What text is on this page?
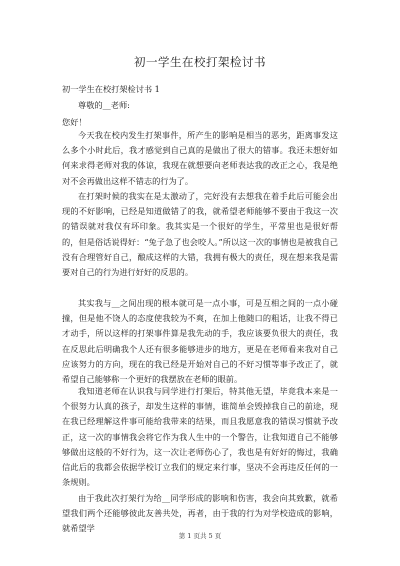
初一学生在校打架检讨书
初一学生在校打架检讨书 1
尊敬的__老师:
您好！
今天我在校内发生打架事件，所产生的影响是相当的恶劣，距离事发这么多个小时此后，我才感觉到自己真的是做出了很大的错事。我还未想好如何来求得老师对我的体谅，我现在就想要向老师表达我的改正之心，我是绝对不会再做出这样不错志的行为了。
在打架时候的我实在是太激动了，完好没有去想我在着手此后可能会出现的不好影响，已经是知道做错了的我，就希望老师能够不要由于我这一次的错误就对我仅有坏印象。我其实是一个很好的学生，平常里也是很好帮的，但是俗话说得好：“兔子急了也会咬人。”所以这一次的事情也是被我自己没有合理管好自己，酿成这样的大错，我拥有极大的责任，现在想来我是需要对自己的行为进行好好的反思的。
其实我与__之间出现的根本就可是一点小事，可是互相之间的一点小碰撞，但是他不饶人的态度使我较为不爽，在加上他随口的粗话，让我不得已才动手，所以这样的打架事件算是我先动的手，我应该要负很大的责任，我在反思此后明确我个人还有很多能够进步的地方，更是在老师看来我对自己应该努力的方向，现在的我已经是开始对自己的不好习惯等事予改正了，就希望自己能够称一个更好的我摆放在老师的眼前。
我知道老师在认识我与同学进行打架后，特其他无望，毕竟我本来是一个很努力认真的孩子，却发生这样的事情，谁简单会毁掉我自己的前途，现在我已经理解这件事可能给我带来的结果，而且我愿意我的错误习惯就予改正，这一次的事情我会将它作为我人生中的一个警告，让我知道自己不能够够做出这般的不好行为，这一次让老师伤心了，我也是有好好的悔过，我确信此后的我都会依据学校订立我们的规定来行事，坚决不会再违反任何的一条规则。
由于我此次打架行为给__同学形成的影响和伤害，我会向其致歉，就希望我们两个还能够彼此友善共处，再者，由于我的行为对学校造成的影响，就希望学
第 1 页共 5 页
